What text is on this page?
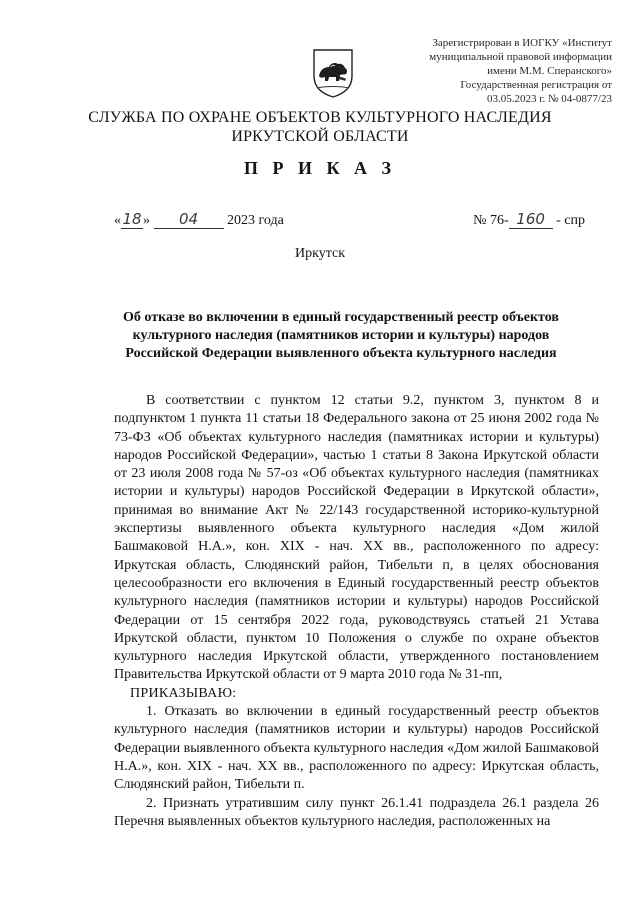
Зарегистрирован в ИОГКУ «Институт
муниципальной правовой информации
имени М.М. Сперанского»
Государственная регистрация от
03.05.2023 г. № 04-0877/23
СЛУЖБА ПО ОХРАНЕ ОБЪЕКТОВ КУЛЬТУРНОГО НАСЛЕДИЯ
ИРКУТСКОЙ ОБЛАСТИ
П Р И К А З
«18» 04 2023 года	№ 76- 160 - спр
Иркутск
Об отказе во включении в единый государственный реестр объектов
культурного наследия (памятников истории и культуры) народов
Российской Федерации выявленного объекта культурного наследия

В соответствии с пунктом 12 статьи 9.2, пунктом 3, пунктом 8 и подпунктом 1 пункта 11 статьи 18 Федерального закона от 25 июня 2002 года № 73-ФЗ «Об объектах культурного наследия (памятниках истории и культуры) народов Российской Федерации», частью 1 статьи 8 Закона Иркутской области от 23 июля 2008 года № 57-оз «Об объектах культурного наследия (памятниках истории и культуры) народов Российской Федерации в Иркутской области», принимая во внимание Акт № 22/143 государственной историко-культурной экспертизы выявленного объекта культурного наследия «Дом жилой Башмаковой Н.А.», кон. XIX - нач. XX вв., расположенного по адресу: Иркутская область, Слюдянский район, Тибельти п, в целях обоснования целесообразности его включения в Единый государственный реестр объектов культурного наследия (памятников истории и культуры) народов Российской Федерации от 15 сентября 2022 года, руководствуясь статьей 21 Устава Иркутской области, пунктом 10 Положения о службе по охране объектов культурного наследия Иркутской области, утвержденного постановлением Правительства Иркутской области от 9 марта 2010 года № 31-пп,

ПРИКАЗЫВАЮ:

1. Отказать во включении в единый государственный реестр объектов культурного наследия (памятников истории и культуры) народов Российской Федерации выявленного объекта культурного наследия «Дом жилой Башмаковой Н.А.», кон. XIX - нач. XX вв., расположенного по адресу: Иркутская область, Слюдянский район, Тибельти п.

2. Признать утратившим силу пункт 26.1.41 подраздела 26.1 раздела 26 Перечня выявленных объектов культурного наследия, расположенных на
